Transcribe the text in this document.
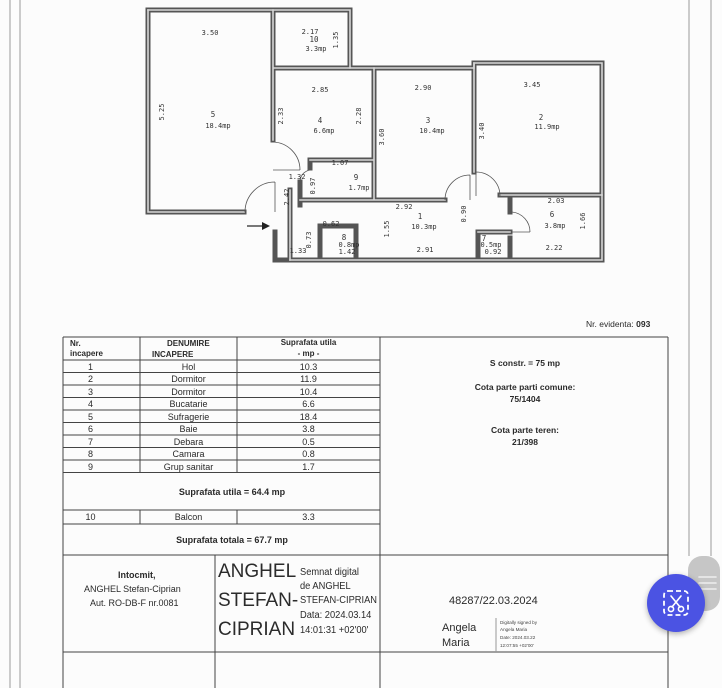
3.50
5.25
2.17 1.35
2.85
2.33	2.28
2.90
3.60
3.45
3.40
1.07
1.32
0.97
2.42
2.92
1.55
0.90
2.91
2.03
1.66
2.22
0.62
0.73
1.42
1.33	0.92
5
18.4mp
10
3.3mp
4
6.6mp
3
10.4mp
2
11.9mp
9
1.7mp
1
10.3mp
6
3.8mp
8
0.8mp
7
0.5mp
Nr. evidenta: 093
Nr.
incapere
DENUMIRE
INCAPERE
Suprafata utila
- mp -
1	Hol	10.3
2	Dormitor	11.9
3	Dormitor	10.4
4	Bucatarie	6.6
5	Sufragerie	18.4
6	Baie	3.8
7	Debara	0.5
8	Camara	0.8
9	Grup sanitar	1.7
Suprafata utila = 64.4 mp
10	Balcon	3.3
Suprafata totala = 67.7 mp
S constr. = 75 mp
Cota parte parti comune:
75/1404
Cota parte teren:
21/398
Intocmit,
ANGHEL Stefan-Ciprian
Aut. RO-DB-F nr.0081
ANGHEL
STEFAN-
CIPRIAN
Semnat digital
de ANGHEL
STEFAN-CIPRIAN
Data: 2024.03.14
14:01:31 +02'00'
48287/22.03.2024
Angela
Maria
Digitally signed by
Angela Maria
Date: 2024.03.22
12:07:55 +02'00'
